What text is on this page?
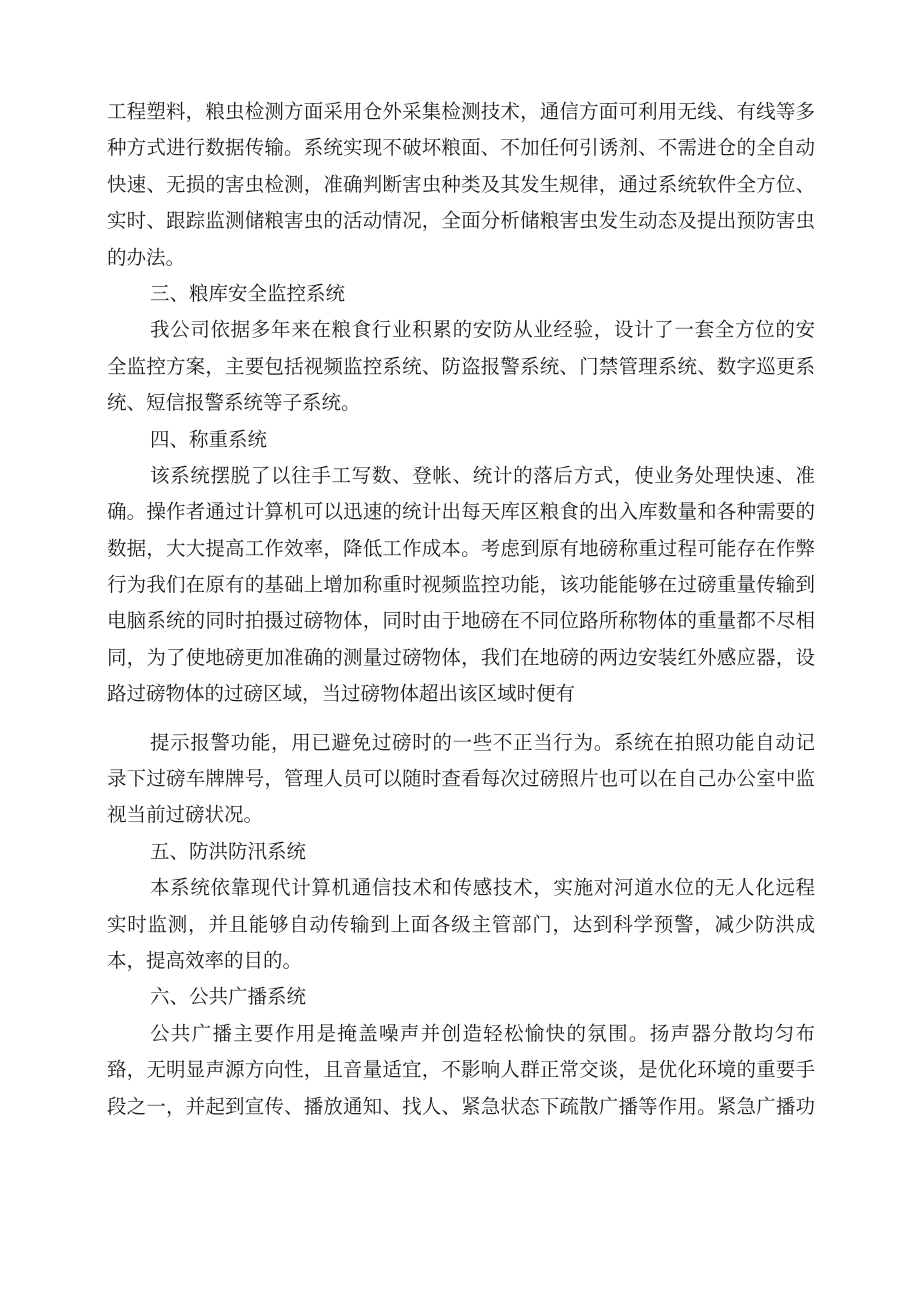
工程塑料，粮虫检测方面采用仓外采集检测技术，通信方面可利用无线、有线等多
种方式进行数据传输。系统实现不破坏粮面、不加任何引诱剂、不需进仓的全自动
快速、无损的害虫检测，准确判断害虫种类及其发生规律，通过系统软件全方位、
实时、跟踪监测储粮害虫的活动情况，全面分析储粮害虫发生动态及提出预防害虫
的办法。
三、粮库安全监控系统
我公司依据多年来在粮食行业积累的安防从业经验，设计了一套全方位的安
全监控方案，主要包括视频监控系统、防盗报警系统、门禁管理系统、数字巡更系
统、短信报警系统等子系统。
四、称重系统
该系统摆脱了以往手工写数、登帐、统计的落后方式，使业务处理快速、准
确。操作者通过计算机可以迅速的统计出每天库区粮食的出入库数量和各种需要的
数据，大大提高工作效率，降低工作成本。考虑到原有地磅称重过程可能存在作弊
行为我们在原有的基础上增加称重时视频监控功能，该功能能够在过磅重量传输到
电脑系统的同时拍摄过磅物体，同时由于地磅在不同位路所称物体的重量都不尽相
同，为了使地磅更加准确的测量过磅物体，我们在地磅的两边安装红外感应器，设
路过磅物体的过磅区域，当过磅物体超出该区域时便有
提示报警功能，用已避免过磅时的一些不正当行为。系统在拍照功能自动记
录下过磅车牌牌号，管理人员可以随时查看每次过磅照片也可以在自己办公室中监
视当前过磅状况。
五、防洪防汛系统
本系统依靠现代计算机通信技术和传感技术，实施对河道水位的无人化远程
实时监测，并且能够自动传输到上面各级主管部门，达到科学预警，减少防洪成
本，提高效率的目的。
六、公共广播系统
公共广播主要作用是掩盖噪声并创造轻松愉快的氛围。扬声器分散均匀布
臵，无明显声源方向性，且音量适宜，不影响人群正常交谈，是优化环境的重要手
段之一，并起到宣传、播放通知、找人、紧急状态下疏散广播等作用。紧急广播功
